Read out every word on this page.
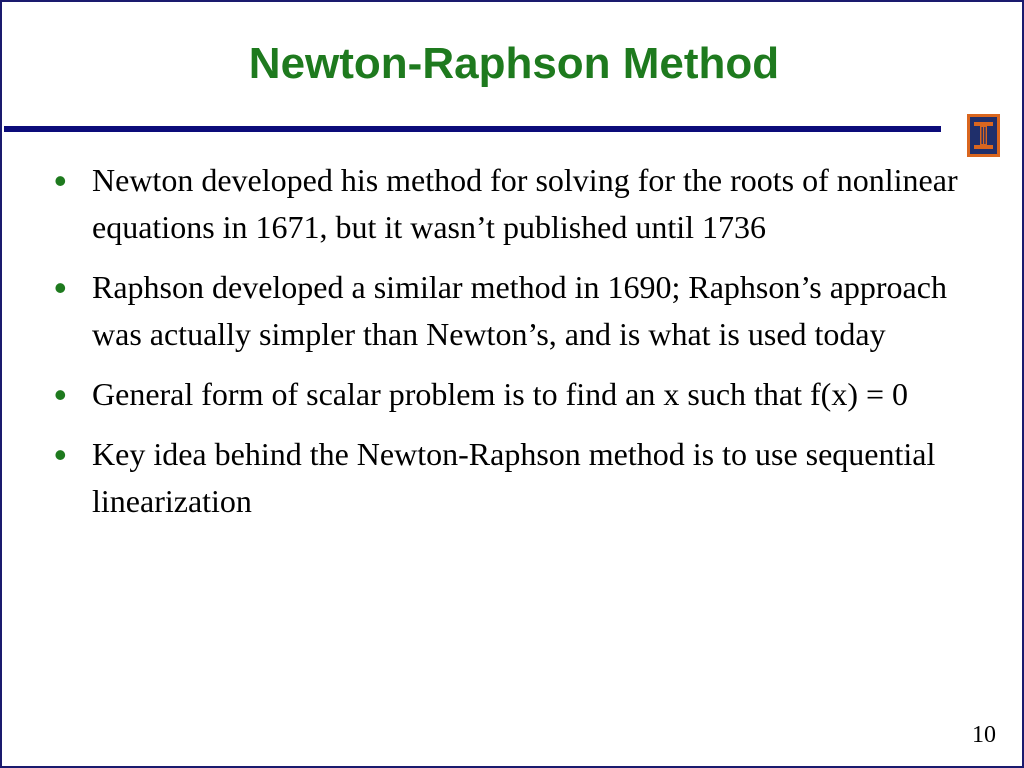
Newton-Raphson Method
• Newton developed his method for solving for the roots of nonlinear equations in 1671, but it wasn’t published until 1736
• Raphson developed a similar method in 1690; Raphson’s approach was actually simpler than Newton’s, and is what is used today
• General form of scalar problem is to find an x such that f(x) = 0
• Key idea behind the Newton-Raphson method is to use sequential linearization
10
